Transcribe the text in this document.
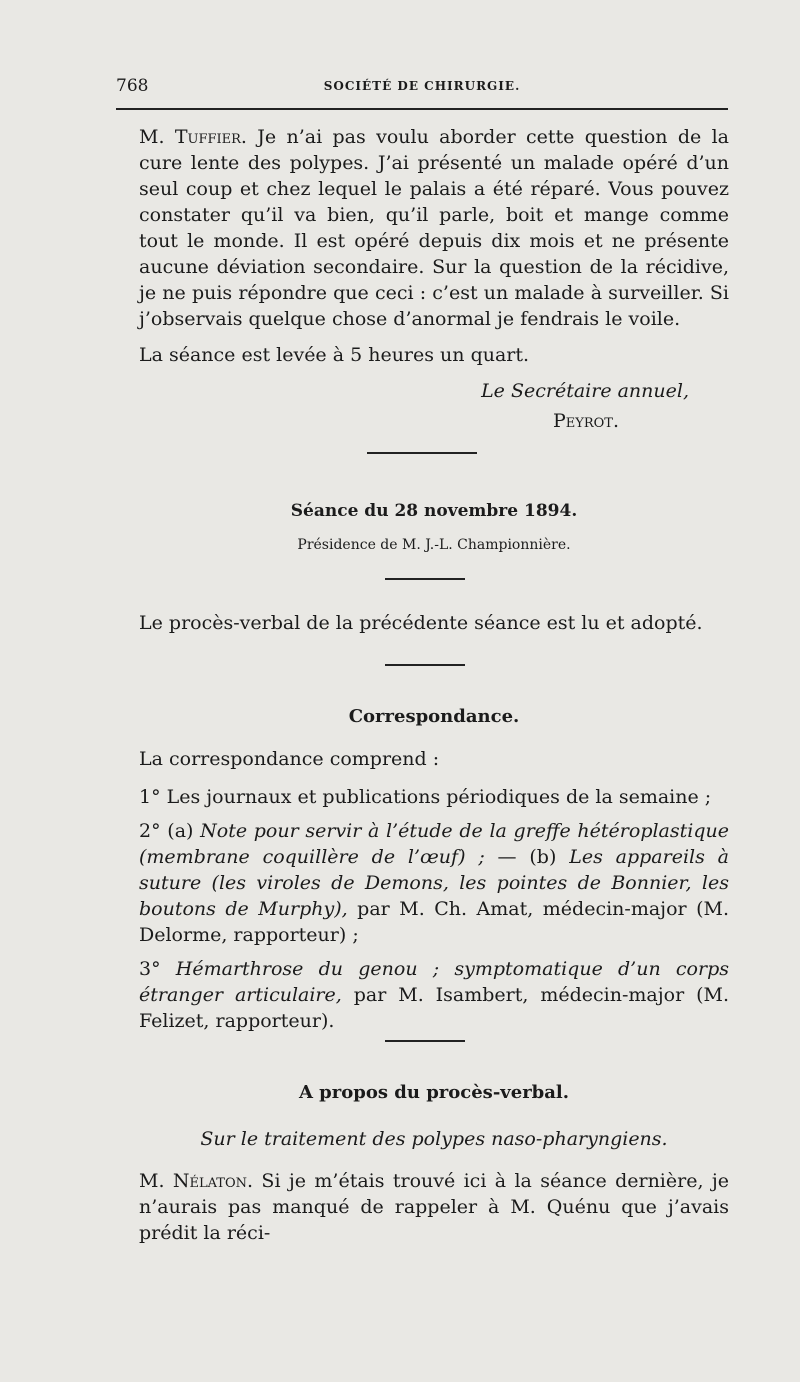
768	SOCIÉTÉ DE CHIRURGIE.

M. Tuffier. Je n’ai pas voulu aborder cette question de la cure lente des polypes. J’ai présenté un malade opéré d’un seul coup et chez lequel le palais a été réparé. Vous pouvez constater qu’il va bien, qu’il parle, boit et mange comme tout le monde. Il est opéré depuis dix mois et ne présente aucune déviation secondaire. Sur la question de la récidive, je ne puis répondre que ceci : c’est un malade à surveiller. Si j’observais quelque chose d’anormal je fendrais le voile.

La séance est levée à 5 heures un quart.

Le Secrétaire annuel,

Peyrot.

Séance du 28 novembre 1894.

Présidence de M. J.-L. Championnière.

Le procès-verbal de la précédente séance est lu et adopté.

Correspondance.

La correspondance comprend :

1° Les journaux et publications périodiques de la semaine ;

2° (a) Note pour servir à l’étude de la greffe hétéroplastique (membrane coquillère de l’œuf) ; — (b) Les appareils à suture (les viroles de Demons, les pointes de Bonnier, les boutons de Murphy), par M. Ch. Amat, médecin-major (M. Delorme, rapporteur) ;

3° Hémarthrose du genou ; symptomatique d’un corps étranger articulaire, par M. Isambert, médecin-major (M. Felizet, rapporteur).

A propos du procès-verbal.

Sur le traitement des polypes naso-pharyngiens.

M. Nélaton. Si je m’étais trouvé ici à la séance dernière, je n’aurais pas manqué de rappeler à M. Quénu que j’avais prédit la réci-
